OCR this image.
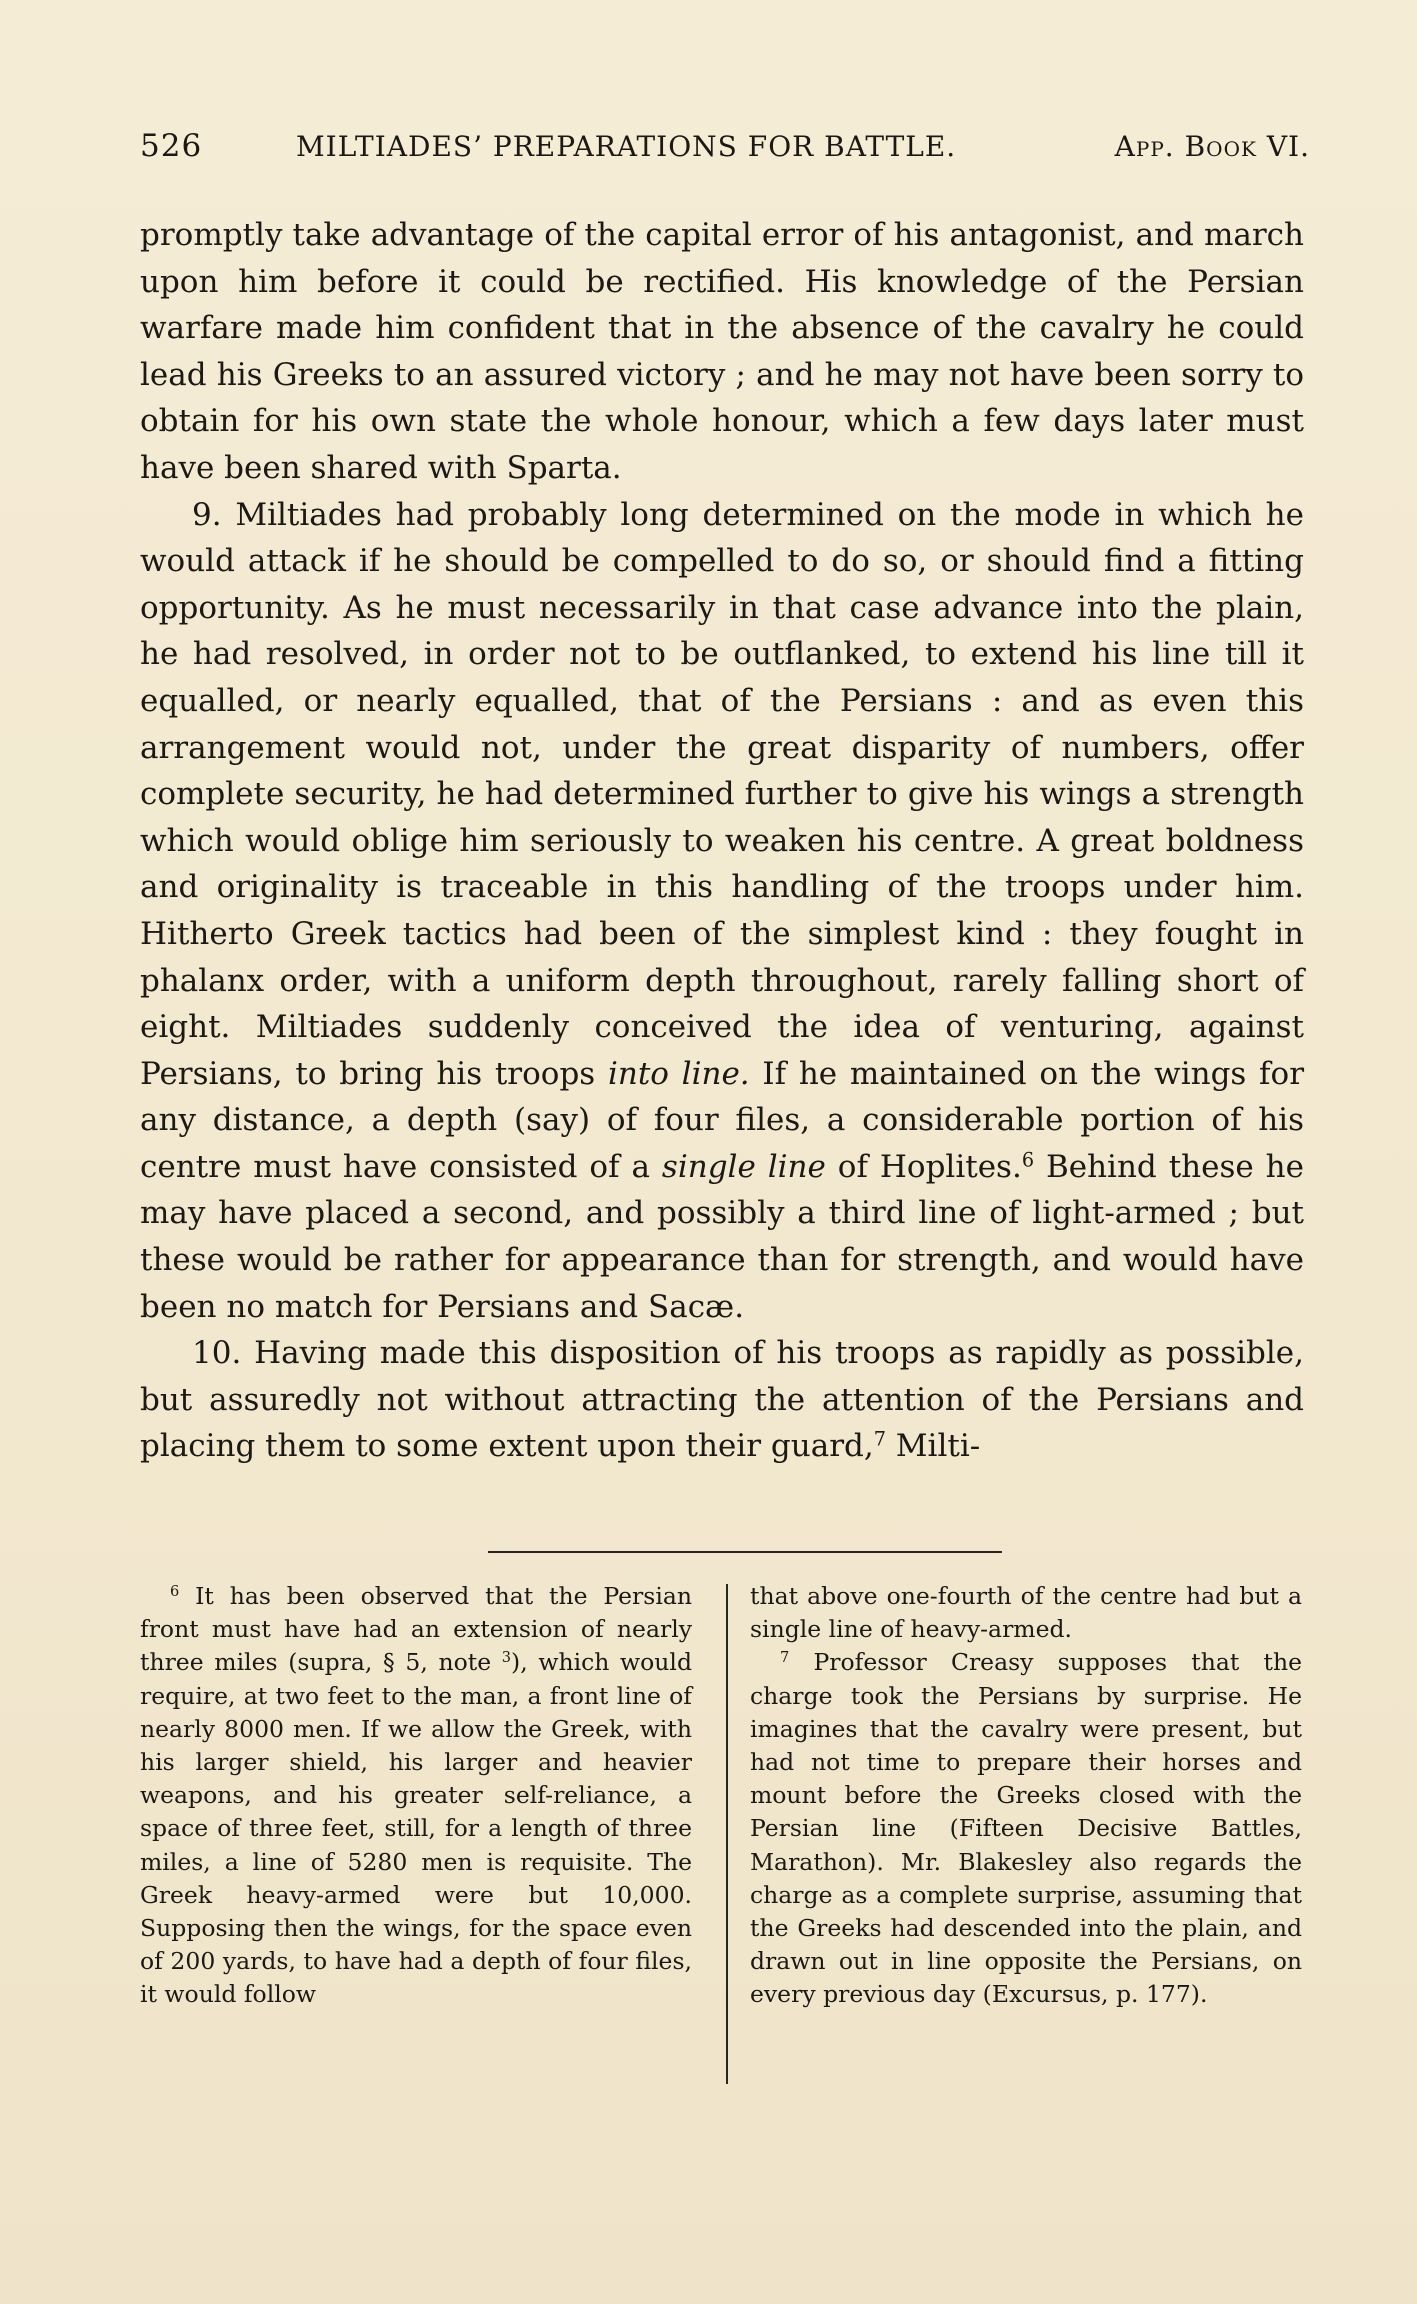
526	MILTIADES’ PREPARATIONS FOR BATTLE.	App. Book VI.

promptly take advantage of the capital error of his antagonist, and march upon him before it could be rectified. His knowledge of the Persian warfare made him confident that in the absence of the cavalry he could lead his Greeks to an assured victory ; and he may not have been sorry to obtain for his own state the whole honour, which a few days later must have been shared with Sparta.

9. Miltiades had probably long determined on the mode in which he would attack if he should be compelled to do so, or should find a fitting opportunity. As he must necessarily in that case advance into the plain, he had resolved, in order not to be outflanked, to extend his line till it equalled, or nearly equalled, that of the Persians : and as even this arrangement would not, under the great disparity of numbers, offer complete security, he had determined further to give his wings a strength which would oblige him seriously to weaken his centre. A great boldness and originality is traceable in this handling of the troops under him. Hitherto Greek tactics had been of the simplest kind : they fought in phalanx order, with a uniform depth throughout, rarely falling short of eight. Miltiades suddenly conceived the idea of venturing, against Persians, to bring his troops into line. If he maintained on the wings for any distance, a depth (say) of four files, a considerable portion of his centre must have consisted of a single line of Hoplites.$^6$ Behind these he may have placed a second, and possibly a third line of light-armed ; but these would be rather for appearance than for strength, and would have been no match for Persians and Sacæ.

10. Having made this disposition of his troops as rapidly as possible, but assuredly not without attracting the attention of the Persians and placing them to some extent upon their guard,$^7$ Milti-

$^6$ It has been observed that the Persian front must have had an extension of nearly three miles (supra, § 5, note $^3$), which would require, at two feet to the man, a front line of nearly 8000 men. If we allow the Greek, with his larger shield, his larger and heavier weapons, and his greater self-reliance, a space of three feet, still, for a length of three miles, a line of 5280 men is requisite. The Greek heavy-armed were but 10,000. Supposing then the wings, for the space even of 200 yards, to have had a depth of four files, it would follow

that above one-fourth of the centre had but a single line of heavy-armed.

$^7$ Professor Creasy supposes that the charge took the Persians by surprise. He imagines that the cavalry were present, but had not time to prepare their horses and mount before the Greeks closed with the Persian line (Fifteen Decisive Battles, Marathon). Mr. Blakesley also regards the charge as a complete surprise, assuming that the Greeks had descended into the plain, and drawn out in line opposite the Persians, on every previous day (Excursus, p. 177).
